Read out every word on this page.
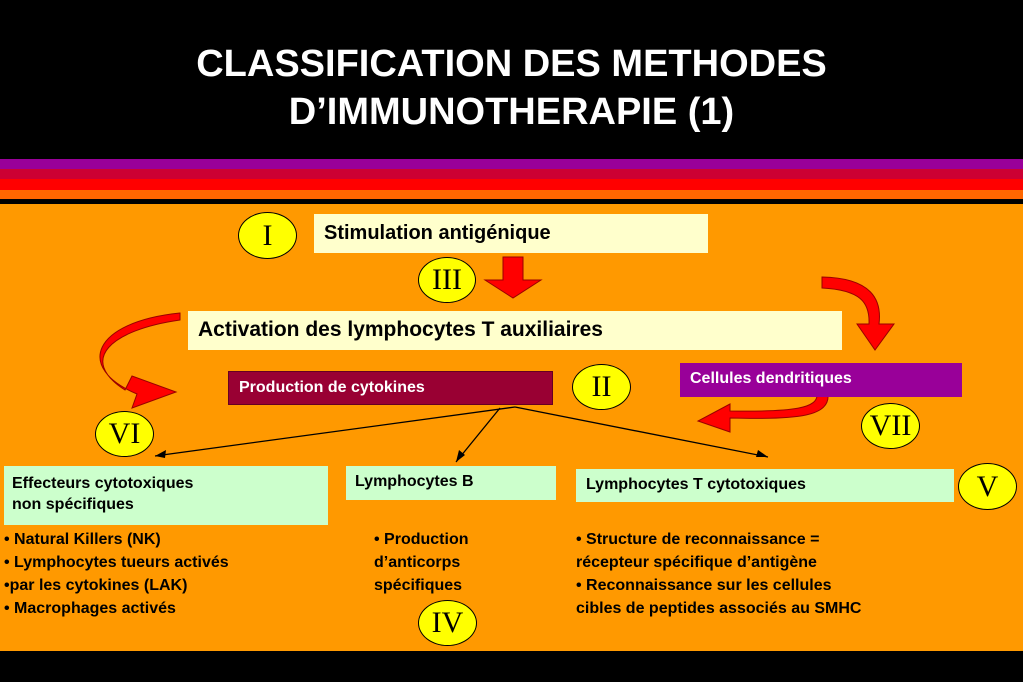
CLASSIFICATION DES METHODES
D’IMMUNOTHERAPIE (1)
Stimulation antigénique
Activation des lymphocytes T auxiliaires
Production de cytokines
Cellules dendritiques
Effecteurs cytotoxiques
non spécifiques
Lymphocytes B	Lymphocytes T cytotoxiques
I
III
II
VI	VII
V
IV
• Natural Killers (NK)
• Lymphocytes tueurs activés
•par les cytokines (LAK)
• Macrophages activés
• Production
d’anticorps
spécifiques
• Structure de reconnaissance =
récepteur spécifique d’antigène
• Reconnaissance sur les cellules
cibles de peptides associés au SMHC
